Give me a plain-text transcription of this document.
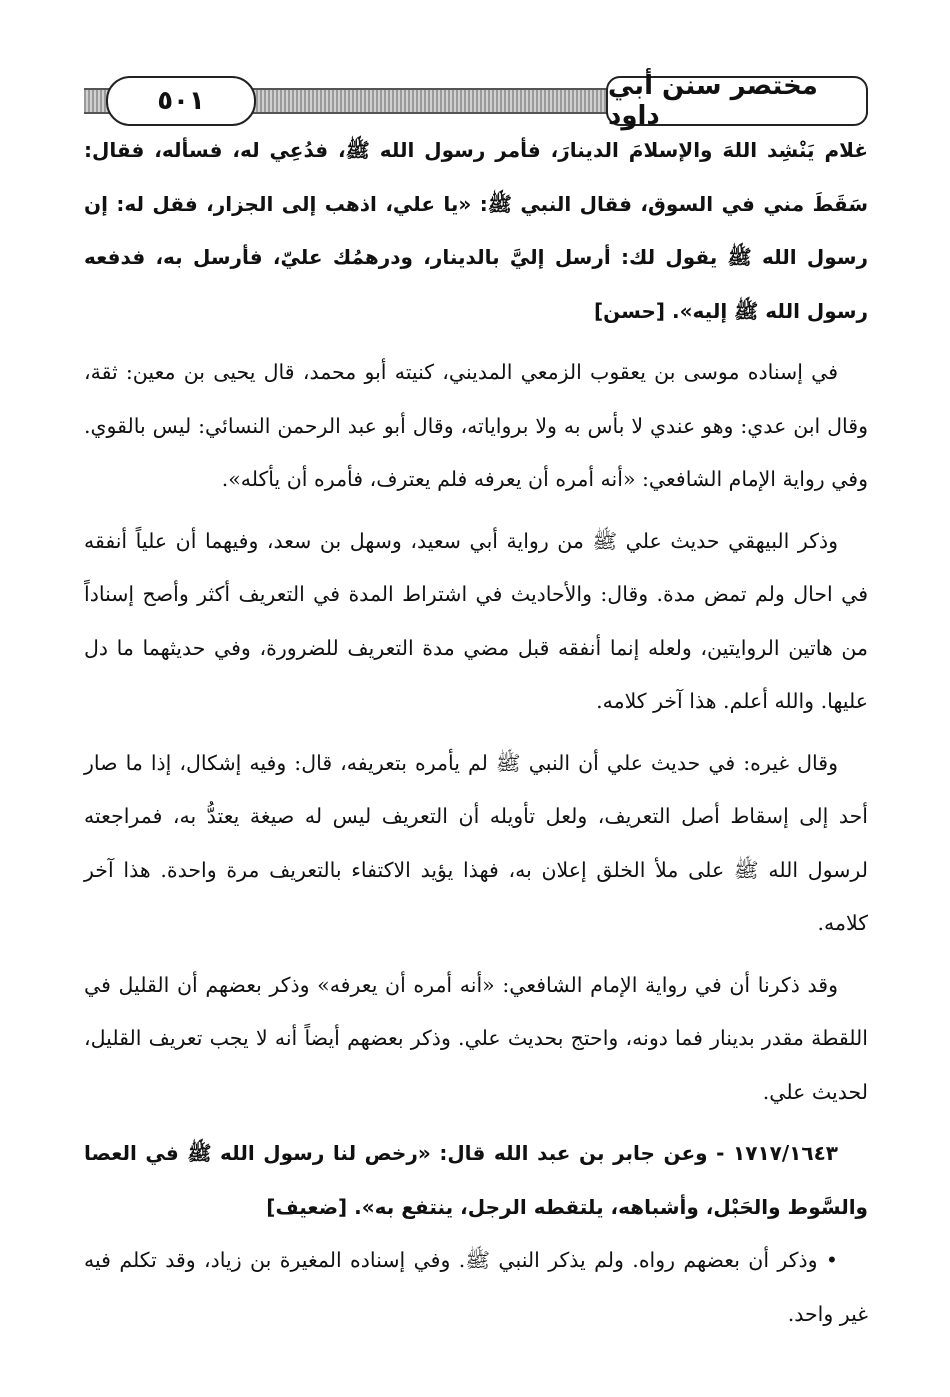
مختصر سنن أبي داود
٥٠١

غلام يَنْشِد اللهَ والإسلامَ الدينارَ، فأمر رسول الله ﷺ، فدُعِي له، فسأله، فقال: سَقَطَ مني في السوق، فقال النبي ﷺ: «يا علي، اذهب إلى الجزار، فقل له: إن رسول الله ﷺ يقول لك: أرسل إليَّ بالدينار، ودرهمُك عليّ، فأرسل به، فدفعه رسول الله ﷺ إليه». [حسن]

في إسناده موسى بن يعقوب الزمعي المديني، كنيته أبو محمد، قال يحيى بن معين: ثقة، وقال ابن عدي: وهو عندي لا بأس به ولا برواياته، وقال أبو عبد الرحمن النسائي: ليس بالقوي. وفي رواية الإمام الشافعي: «أنه أمره أن يعرفه فلم يعترف، فأمره أن يأكله».

وذكر البيهقي حديث علي ﷺ من رواية أبي سعيد، وسهل بن سعد، وفيهما أن علياً أنفقه في احال ولم تمض مدة. وقال: والأحاديث في اشتراط المدة في التعريف أكثر وأصح إسناداً من هاتين الروايتين، ولعله إنما أنفقه قبل مضي مدة التعريف للضرورة، وفي حديثهما ما دل عليها. والله أعلم. هذا آخر كلامه.

وقال غيره: في حديث علي أن النبي ﷺ لم يأمره بتعريفه، قال: وفيه إشكال، إذا ما صار أحد إلى إسقاط أصل التعريف، ولعل تأويله أن التعريف ليس له صيغة يعتدُّ به، فمراجعته لرسول الله ﷺ على ملأ الخلق إعلان به، فهذا يؤيد الاكتفاء بالتعريف مرة واحدة. هذا آخر كلامه.

وقد ذكرنا أن في رواية الإمام الشافعي: «أنه أمره أن يعرفه» وذكر بعضهم أن القليل في اللقطة مقدر بدينار فما دونه، واحتج بحديث علي. وذكر بعضهم أيضاً أنه لا يجب تعريف القليل، لحديث علي.

١٧١٧/١٦٤٣ - وعن جابر بن عبد الله قال: «رخص لنا رسول الله ﷺ في العصا والسَّوط والحَبْل، وأشباهه، يلتقطه الرجل، ينتفع به». [ضعيف]

• وذكر أن بعضهم رواه. ولم يذكر النبي ﷺ. وفي إسناده المغيرة بن زياد، وقد تكلم فيه غير واحد.
